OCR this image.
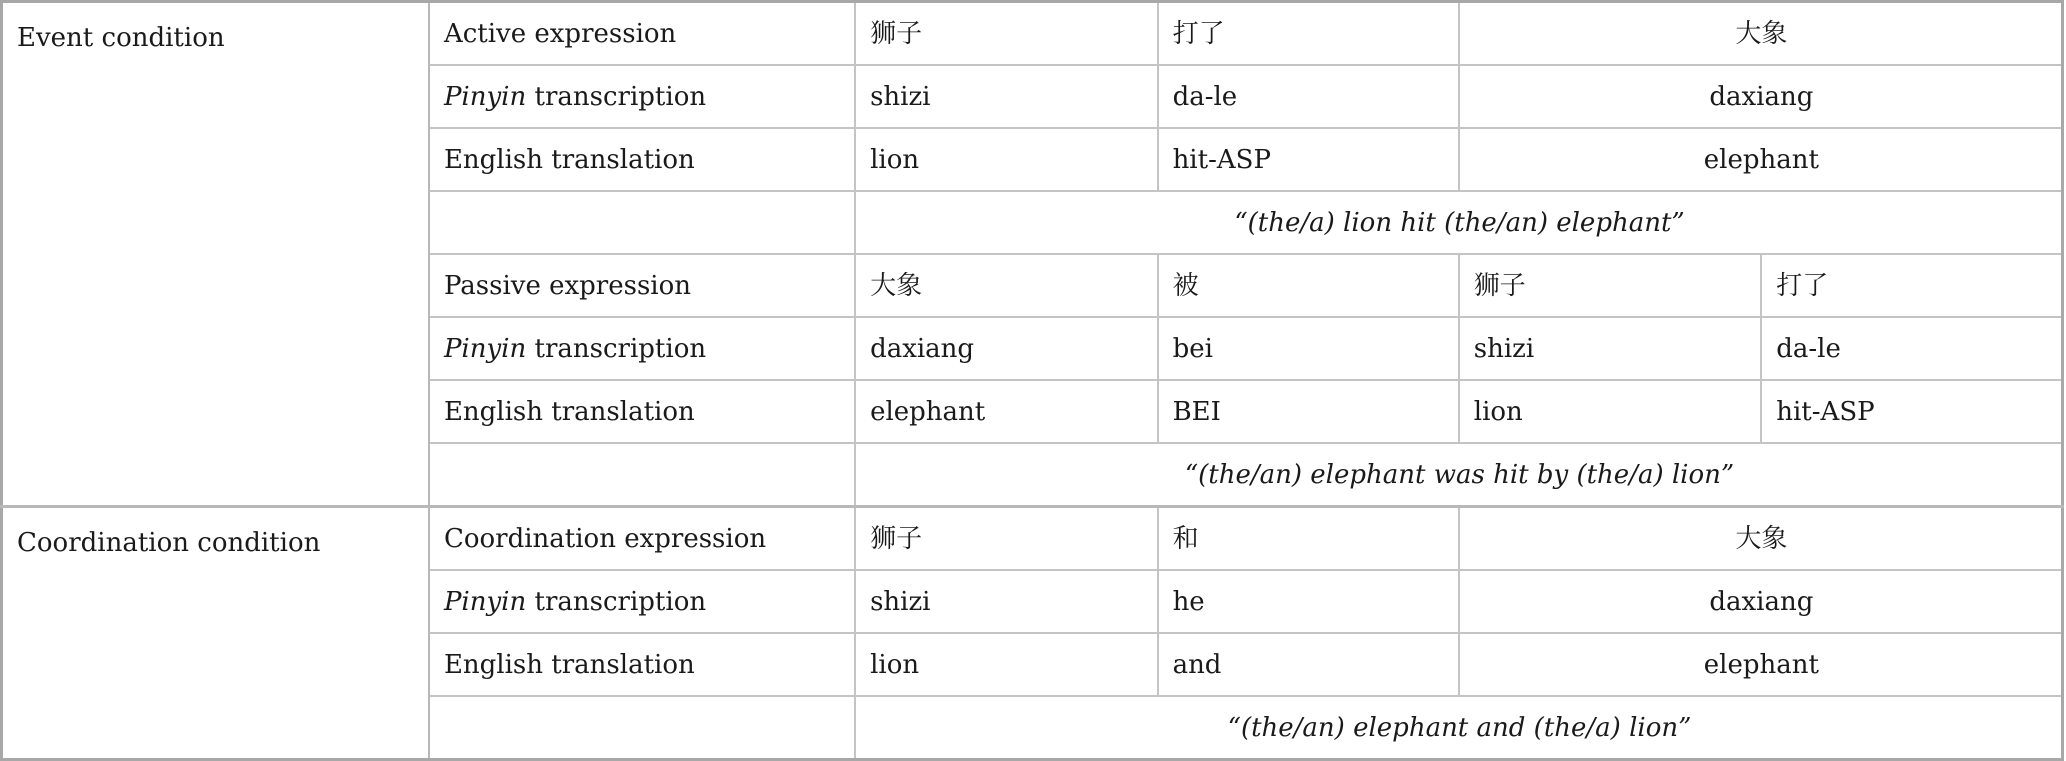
Event condition	Active expression	狮子	打了	大象	
	Pinyin transcription	shizi	da-le	daxiang	
	English translation	lion	hit-ASP	elephant	
		“(the/a) lion hit (the/an) elephant”			
	Passive expression	大象	被	狮子	打了
	Pinyin transcription	daxiang	bei	shizi	da-le
	English translation	elephant	BEI	lion	hit-ASP
		“(the/an) elephant was hit by (the/a) lion”			
Coordination condition	Coordination expression	狮子	和	大象	
	Pinyin transcription	shizi	he	daxiang	
	English translation	lion	and	elephant	
		“(the/an) elephant and (the/a) lion”			
